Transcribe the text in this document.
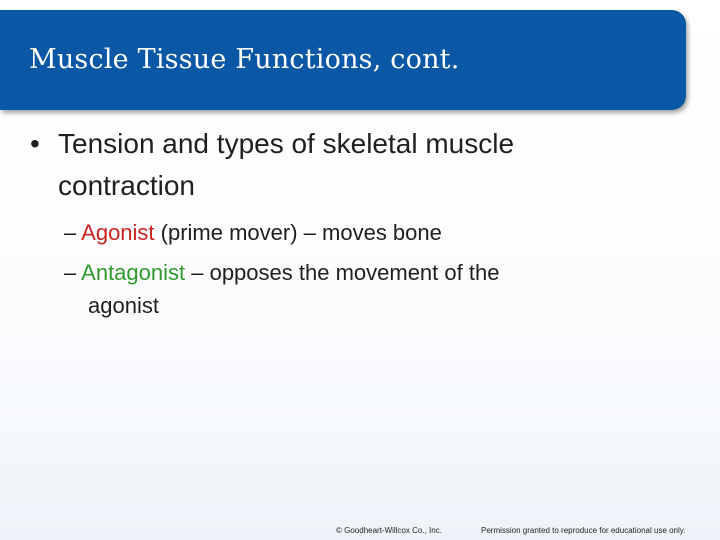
Muscle Tissue Functions, cont.
• Tension and types of skeletal muscle
contraction
– Agonist (prime mover) – moves bone
– Antagonist – opposes the movement of the
agonist
© Goodheart-Willcox Co., Inc.	Permission granted to reproduce for educational use only.
